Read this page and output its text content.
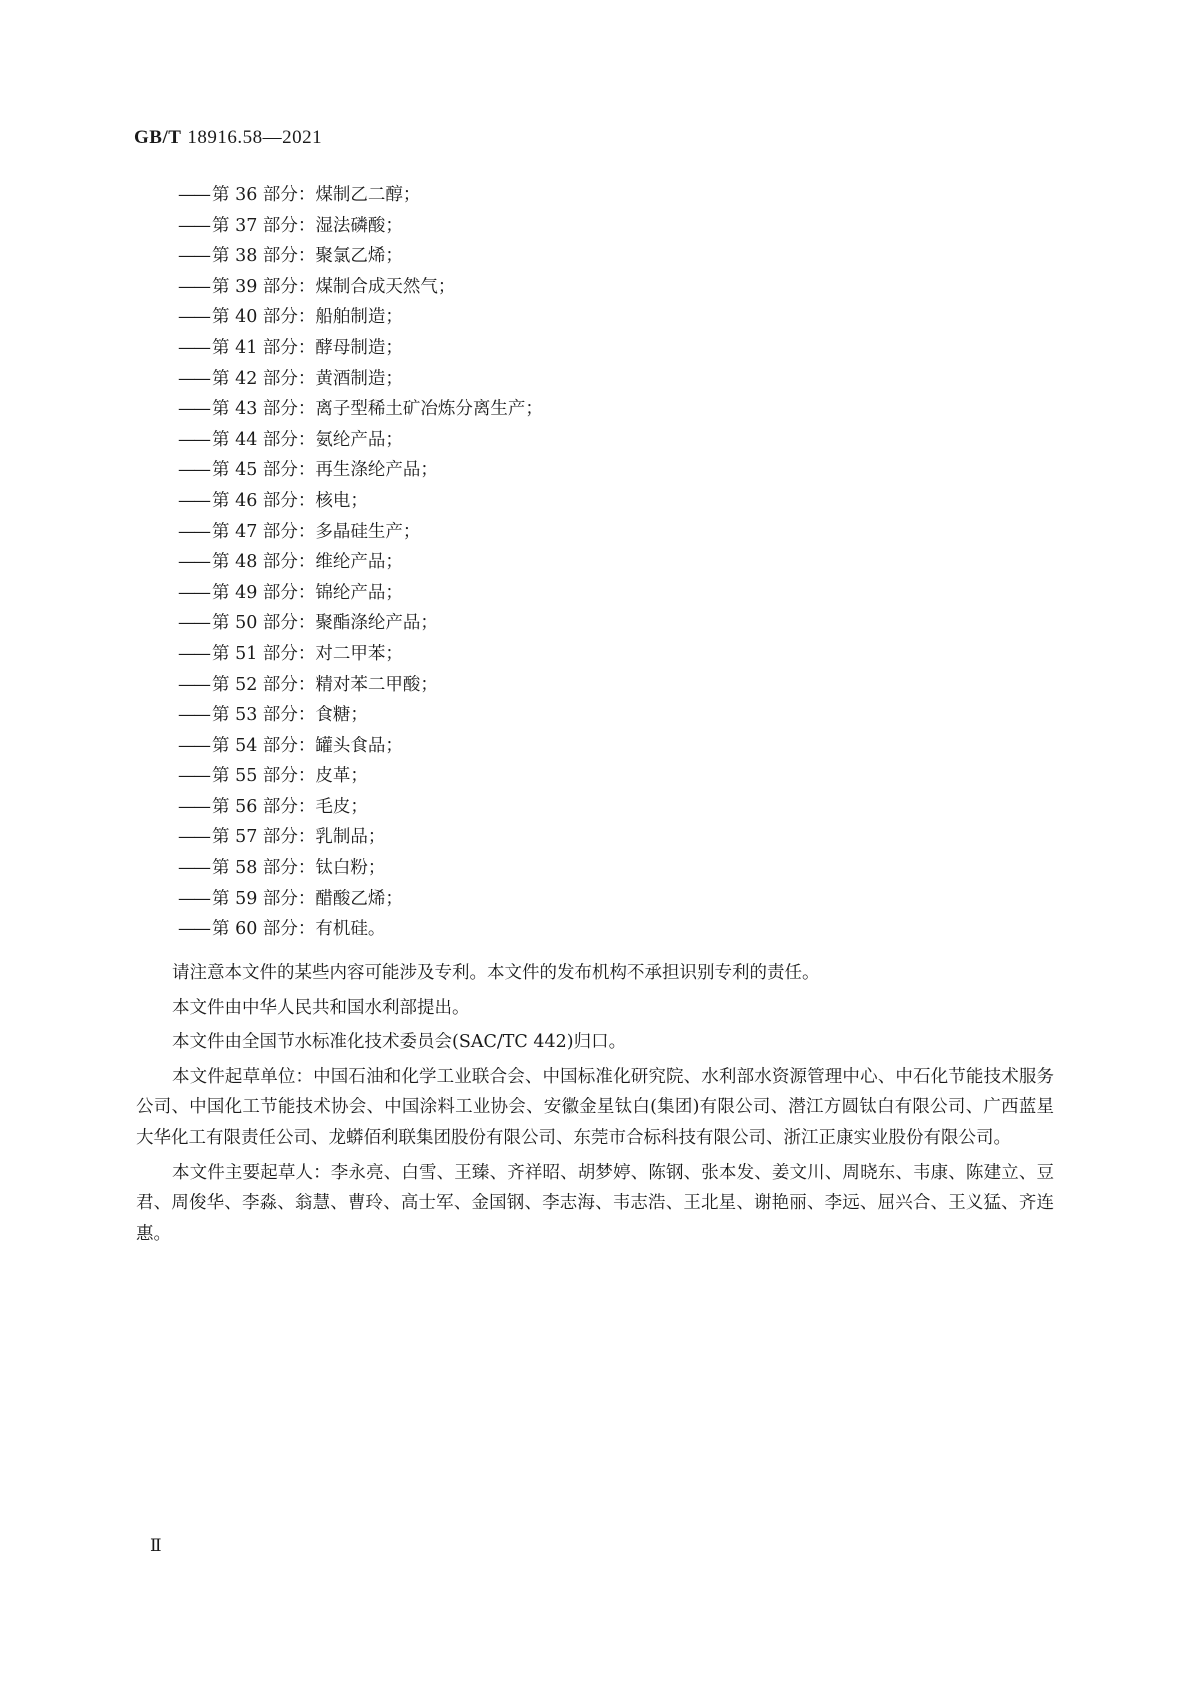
GB/T 18916.58—2021
—— 第 36 部分：煤制乙二醇；
—— 第 37 部分：湿法磷酸；
—— 第 38 部分：聚氯乙烯；
—— 第 39 部分：煤制合成天然气；
—— 第 40 部分：船舶制造；
—— 第 41 部分：酵母制造；
—— 第 42 部分：黄酒制造；
—— 第 43 部分：离子型稀土矿冶炼分离生产；
—— 第 44 部分：氨纶产品；
—— 第 45 部分：再生涤纶产品；
—— 第 46 部分：核电；
—— 第 47 部分：多晶硅生产；
—— 第 48 部分：维纶产品；
—— 第 49 部分：锦纶产品；
—— 第 50 部分：聚酯涤纶产品；
—— 第 51 部分：对二甲苯；
—— 第 52 部分：精对苯二甲酸；
—— 第 53 部分：食糖；
—— 第 54 部分：罐头食品；
—— 第 55 部分：皮革；
—— 第 56 部分：毛皮；
—— 第 57 部分：乳制品；
—— 第 58 部分：钛白粉；
—— 第 59 部分：醋酸乙烯；
—— 第 60 部分：有机硅。

请注意本文件的某些内容可能涉及专利。本文件的发布机构不承担识别专利的责任。

本文件由中华人民共和国水利部提出。

本文件由全国节水标准化技术委员会(SAC/TC 442)归口。

本文件起草单位：中国石油和化学工业联合会、中国标准化研究院、水利部水资源管理中心、中石化节能技术服务公司、中国化工节能技术协会、中国涂料工业协会、安徽金星钛白(集团)有限公司、潜江方圆钛白有限公司、广西蓝星大华化工有限责任公司、龙蟒佰利联集团股份有限公司、东莞市合标科技有限公司、浙江正康实业股份有限公司。

本文件主要起草人：李永亮、白雪、王臻、齐祥昭、胡梦婷、陈钢、张本发、姜文川、周晓东、韦康、陈建立、豆君、周俊华、李淼、翁慧、曹玲、高士军、金国钢、李志海、韦志浩、王北星、谢艳丽、李远、屈兴合、王义猛、齐连惠。

Ⅱ
